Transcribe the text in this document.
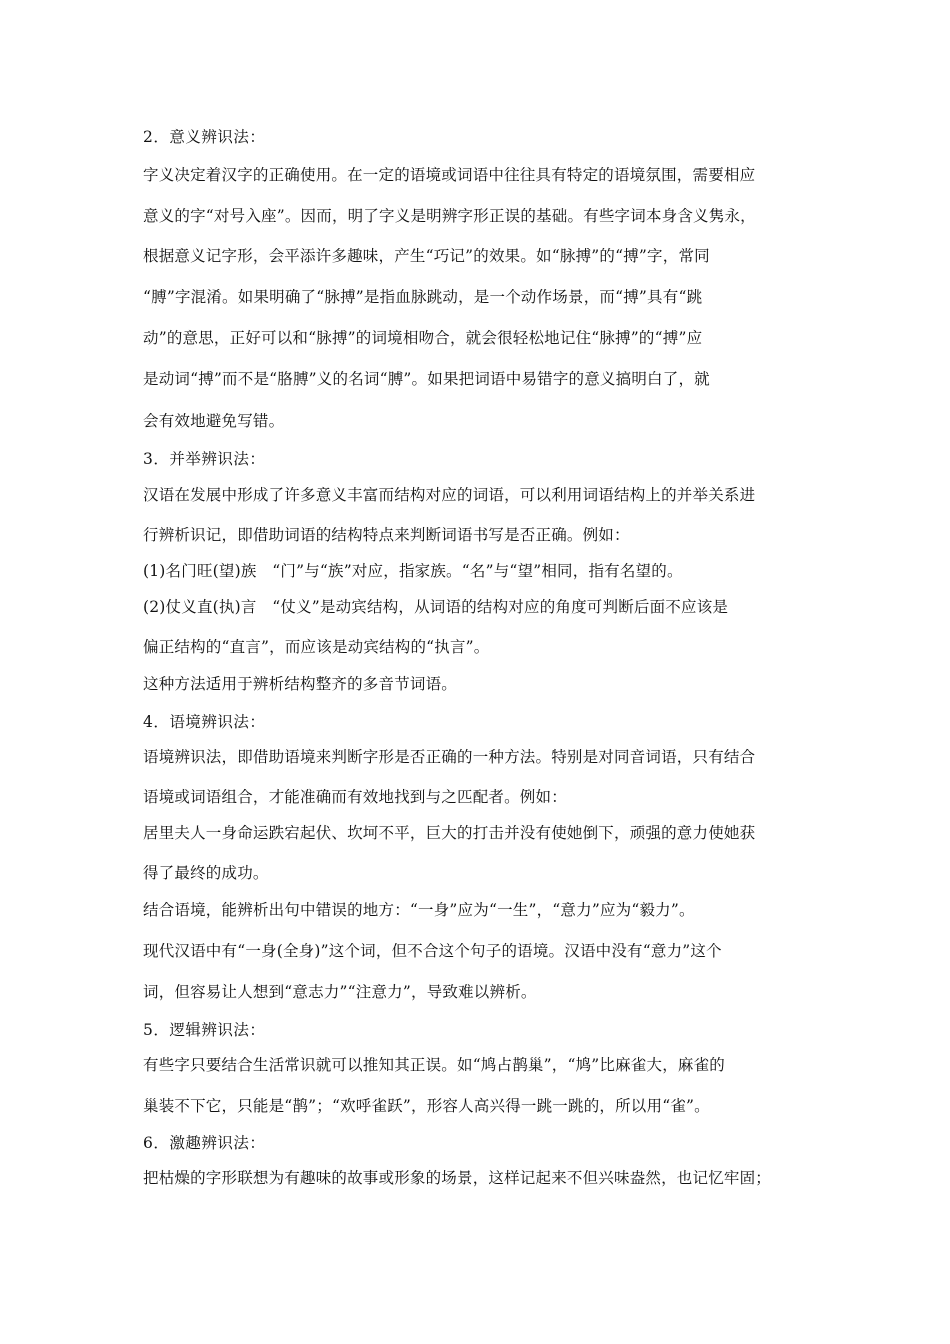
2．意义辨识法：
字义决定着汉字的正确使用。在一定的语境或词语中往往具有特定的语境氛围，需要相应
意义的字“对号入座”。因而，明了字义是明辨字形正误的基础。有些字词本身含义隽永，
根据意义记字形，会平添许多趣味，产生“巧记”的效果。如“脉搏”的“搏”字，常同
“膊”字混淆。如果明确了“脉搏”是指血脉跳动，是一个动作场景，而“搏”具有“跳
动”的意思，正好可以和“脉搏”的词境相吻合，就会很轻松地记住“脉搏”的“搏”应
是动词“搏”而不是“胳膊”义的名词“膊”。如果把词语中易错字的意义搞明白了，就
会有效地避免写错。
3．并举辨识法：
汉语在发展中形成了许多意义丰富而结构对应的词语，可以利用词语结构上的并举关系进
行辨析识记，即借助词语的结构特点来判断词语书写是否正确。例如：
(1)名门旺(望)族　“门”与“族”对应，指家族。“名”与“望”相同，指有名望的。
(2)仗义直(执)言　“仗义”是动宾结构，从词语的结构对应的角度可判断后面不应该是
偏正结构的“直言”，而应该是动宾结构的“执言”。
这种方法适用于辨析结构整齐的多音节词语。
4．语境辨识法：
语境辨识法，即借助语境来判断字形是否正确的一种方法。特别是对同音词语，只有结合
语境或词语组合，才能准确而有效地找到与之匹配者。例如：
居里夫人一身命运跌宕起伏、坎坷不平，巨大的打击并没有使她倒下，顽强的意力使她获
得了最终的成功。
结合语境，能辨析出句中错误的地方：“一身”应为“一生”，“意力”应为“毅力”。
现代汉语中有“一身(全身)”这个词，但不合这个句子的语境。汉语中没有“意力”这个
词，但容易让人想到“意志力”“注意力”，导致难以辨析。
5．逻辑辨识法：
有些字只要结合生活常识就可以推知其正误。如“鸠占鹊巢”，“鸠”比麻雀大，麻雀的
巢装不下它，只能是“鹊”；“欢呼雀跃”，形容人高兴得一跳一跳的，所以用“雀”。
6．激趣辨识法：
把枯燥的字形联想为有趣味的故事或形象的场景，这样记起来不但兴味盎然，也记忆牢固；
